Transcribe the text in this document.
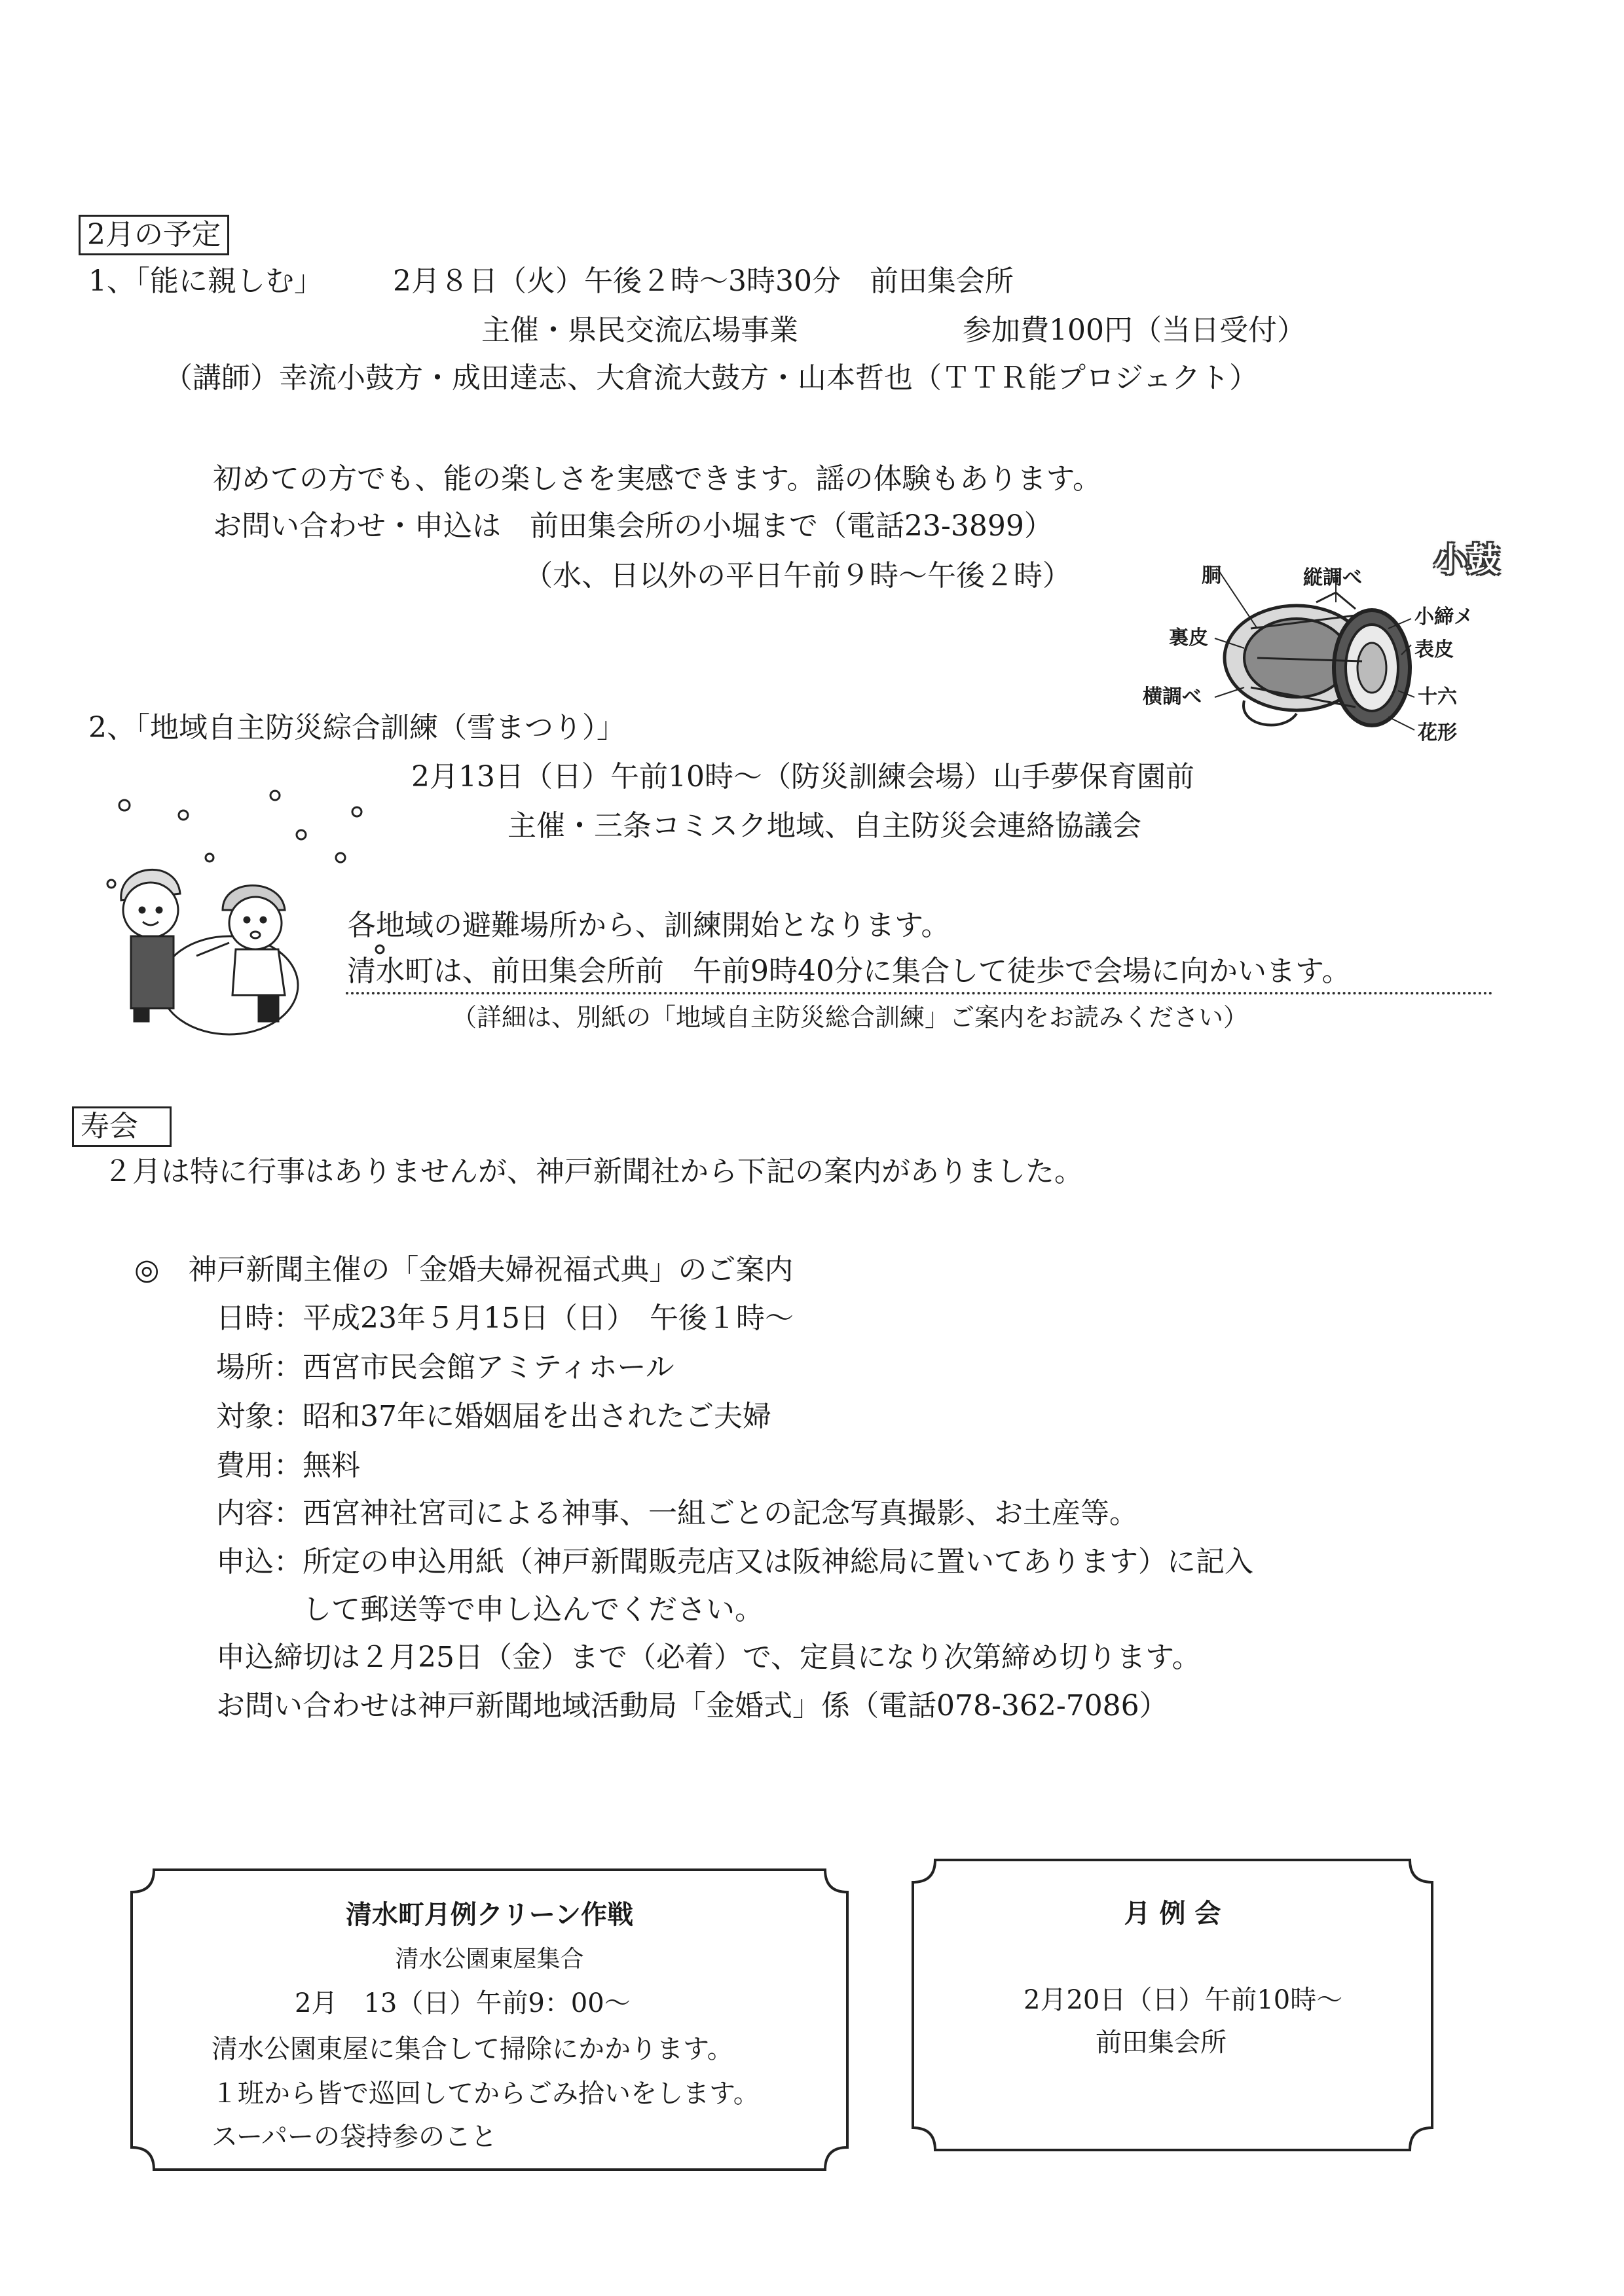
2月の予定
1、「能に親しむ」 2月８日（火）午後２時～3時30分　前田集会所
主催・県民交流広場事業	参加費100円（当日受付）
（講師）幸流小鼓方・成田達志、大倉流大鼓方・山本哲也（ＴＴＲ能プロジェクト）
初めての方でも、能の楽しさを実感できます。謡の体験もあります。
お問い合わせ・申込は　前田集会所の小堀まで（電話23-3899）
（水、日以外の平日午前９時～午後２時）	小鼓
胴	縦調べ
小締メ
裏皮
表皮
横調べ	十六
花形
2、「地域自主防災綜合訓練（雪まつり）」
2月13日（日）午前10時～（防災訓練会場）山手夢保育園前
主催・三条コミスク地域、自主防災会連絡協議会
各地域の避難場所から、訓練開始となります。
清水町は、前田集会所前　午前9時40分に集合して徒歩で会場に向かいます。
（詳細は、別紙の「地域自主防災総合訓練」ご案内をお読みください）
寿会
２月は特に行事はありませんが、神戸新聞社から下記の案内がありました。
◎　神戸新聞主催の「金婚夫婦祝福式典」のご案内
日時：平成23年５月15日（日）　午後１時～
場所：西宮市民会館アミティホール
対象：昭和37年に婚姻届を出されたご夫婦
費用：無料
内容：西宮神社宮司による神事、一組ごとの記念写真撮影、お土産等。
申込：所定の申込用紙（神戸新聞販売店又は阪神総局に置いてあります）に記入
　　　して郵送等で申し込んでください。
申込締切は２月25日（金）まで（必着）で、定員になり次第締め切ります。
お問い合わせは神戸新聞地域活動局「金婚式」係（電話078-362-7086）
清水町月例クリーン作戦
清水公園東屋集合
2月　13（日）午前9：00～
清水公園東屋に集合して掃除にかかります。
１班から皆で巡回してからごみ拾いをします。
スーパーの袋持参のこと
月 例 会
2月20日（日）午前10時～
前田集会所
